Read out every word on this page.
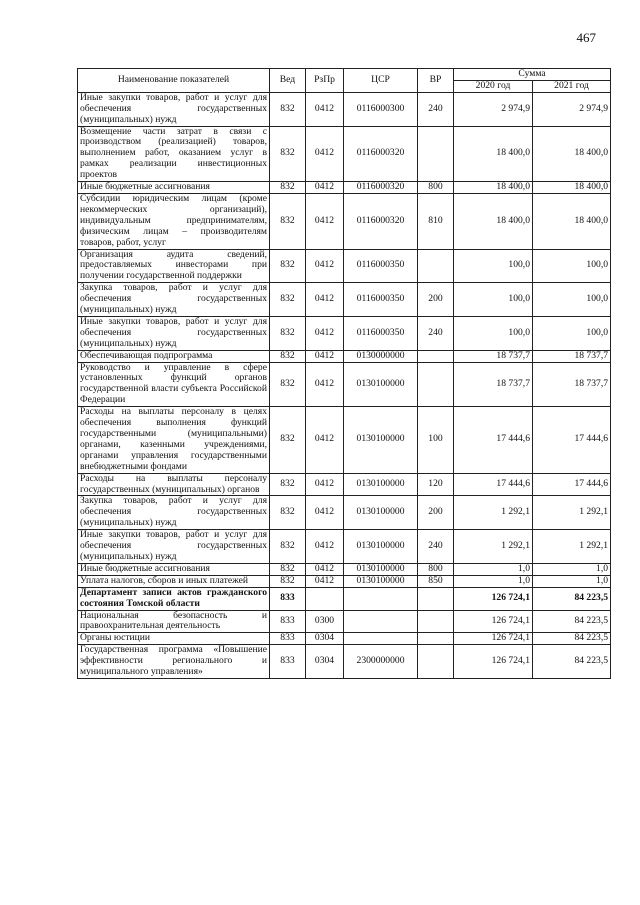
467
Наименование показателей	Вед	РзПр	ЦСР	ВР	Сумма	
					2020 год	2021 год
Иные закупки товаров, работ и услуг для обеспечения государственных (муниципальных) нужд	832	0412	0116000300	240	2 974,9	2 974,9
Возмещение части затрат в связи с производством (реализацией) товаров, выполнением работ, оказанием услуг в рамках реализации инвестиционных проектов	832	0412	0116000320		18 400,0	18 400,0
Иные бюджетные ассигнования	832	0412	0116000320	800	18 400,0	18 400,0
Субсидии юридическим лицам (кроме некоммерческих организаций), индивидуальным предпринимателям, физическим лицам – производителям товаров, работ, услуг	832	0412	0116000320	810	18 400,0	18 400,0
Организация аудита сведений, предоставляемых инвесторами при получении государственной поддержки	832	0412	0116000350		100,0	100,0
Закупка товаров, работ и услуг для обеспечения государственных (муниципальных) нужд	832	0412	0116000350	200	100,0	100,0
Иные закупки товаров, работ и услуг для обеспечения государственных (муниципальных) нужд	832	0412	0116000350	240	100,0	100,0
Обеспечивающая подпрограмма	832	0412	0130000000		18 737,7	18 737,7
Руководство и управление в сфере установленных функций органов государственной власти субъекта Российской Федерации	832	0412	0130100000		18 737,7	18 737,7
Расходы на выплаты персоналу в целях обеспечения выполнения функций государственными (муниципальными) органами, казенными учреждениями, органами управления государственными внебюджетными фондами	832	0412	0130100000	100	17 444,6	17 444,6
Расходы на выплаты персоналу государственных (муниципальных) органов	832	0412	0130100000	120	17 444,6	17 444,6
Закупка товаров, работ и услуг для обеспечения государственных (муниципальных) нужд	832	0412	0130100000	200	1 292,1	1 292,1
Иные закупки товаров, работ и услуг для обеспечения государственных (муниципальных) нужд	832	0412	0130100000	240	1 292,1	1 292,1
Иные бюджетные ассигнования	832	0412	0130100000	800	1,0	1,0
Уплата налогов, сборов и иных платежей	832	0412	0130100000	850	1,0	1,0
Департамент записи актов гражданского состояния Томской области	833				126 724,1	84 223,5
Национальная безопасность и правоохранительная деятельность	833	0300			126 724,1	84 223,5
Органы юстиции	833	0304			126 724,1	84 223,5
Государственная программа «Повышение эффективности регионального и муниципального управления»	833	0304	2300000000		126 724,1	84 223,5
